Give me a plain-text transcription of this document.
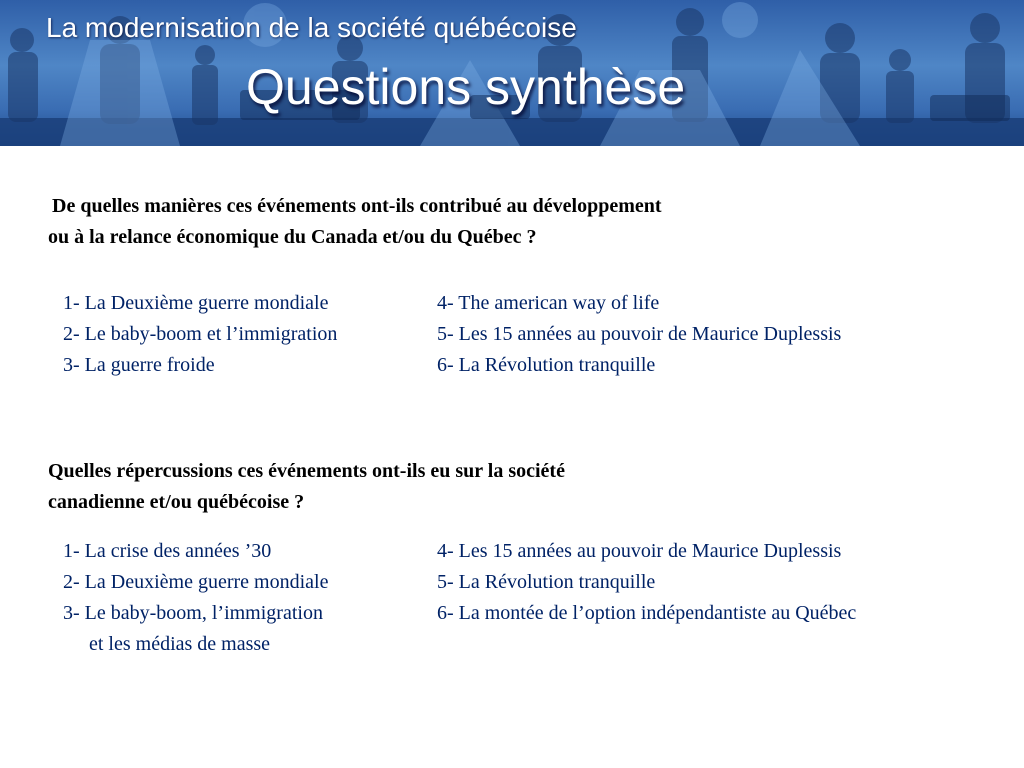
La modernisation de la société québécoise
Questions synthèse
De quelles manières ces événements ont-ils contribué au développement
ou à la relance économique du Canada et/ou du Québec ?
1- La Deuxième guerre mondiale
2- Le baby-boom et l’immigration
3- La guerre froide
4- The american way of life
5- Les 15 années au pouvoir de Maurice Duplessis
6- La Révolution tranquille
Quelles répercussions ces événements ont-ils eu sur la société
canadienne et/ou québécoise ?
1- La crise des années ’30
2- La Deuxième guerre mondiale
3- Le baby-boom, l’immigration
et les médias de masse
4- Les 15 années au pouvoir de Maurice Duplessis
5- La Révolution tranquille
6- La montée de l’option indépendantiste au Québec
